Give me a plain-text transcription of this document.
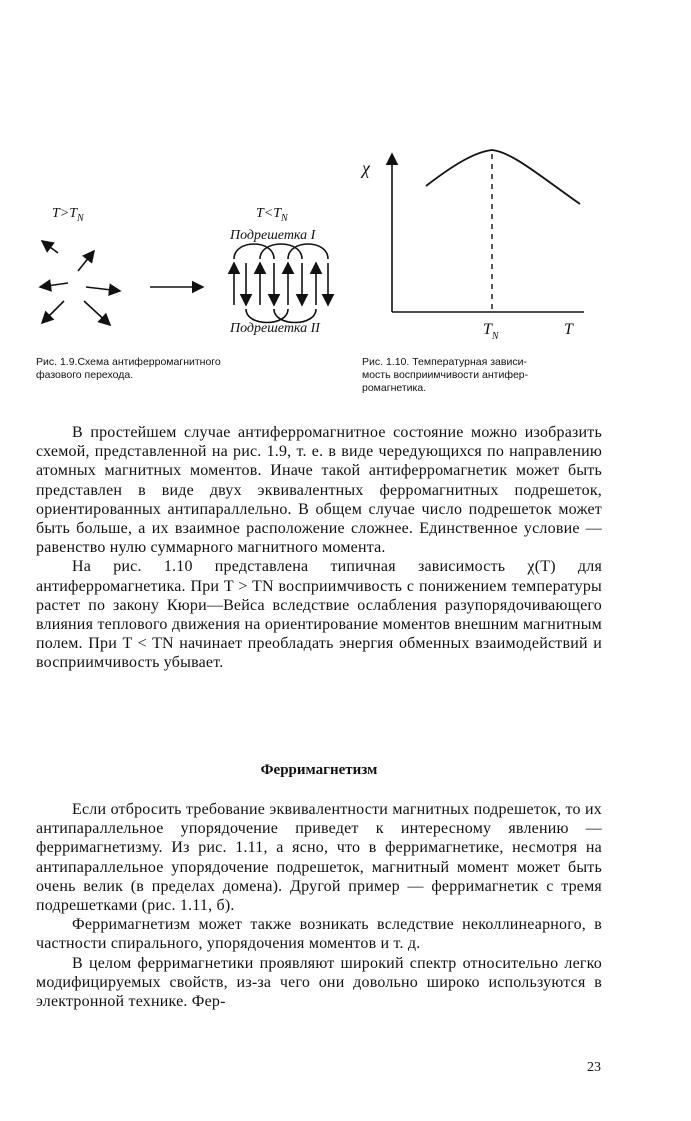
$T>T_N$	$T<T_N$
Подрешетка I
Подрешетка II
χ
$T_N$	T
Рис. 1.9.Схема антиферромагнитного
фазового перехода.
Рис. 1.10. Температурная зависи-
мость восприимчивости антифер-
ромагнетика.

В простейшем случае антиферромагнитное состояние можно изобразить схемой, представленной на рис. 1.9, т. е. в виде чередующихся по направлению атомных магнитных моментов. Иначе такой антиферромагнетик может быть представлен в виде двух эквивалентных ферромагнитных подрешеток, ориентированных антипараллельно. В общем случае число подрешеток может быть больше, а их взаимное расположение сложнее. Единственное условие — равенство нулю суммарного магнитного момента.

На рис. 1.10 представлена типичная зависимость χ(T) для антиферромагнетика. При T > TN восприимчивость с понижением температуры растет по закону Кюри—Вейса вследствие ослабления разупорядочивающего влияния теплового движения на ориентирование моментов внешним магнитным полем. При T < TN начинает преобладать энергия обменных взаимодействий и восприимчивость убывает.

Ферримагнетизм

Если отбросить требование эквивалентности магнитных подрешеток, то их антипараллельное упорядочение приведет к интересному явлению — ферримагнетизму. Из рис. 1.11, а ясно, что в ферримагнетике, несмотря на антипараллельное упорядочение подрешеток, магнитный момент может быть очень велик (в пределах домена). Другой пример — ферримагнетик с тремя подрешетками (рис. 1.11, б).

Ферримагнетизм может также возникать вследствие неколлинеарного, в частности спирального, упорядочения моментов и т. д.

В целом ферримагнетики проявляют широкий спектр относительно легко модифицируемых свойств, из-за чего они довольно широко используются в электронной технике. Фер-

23
